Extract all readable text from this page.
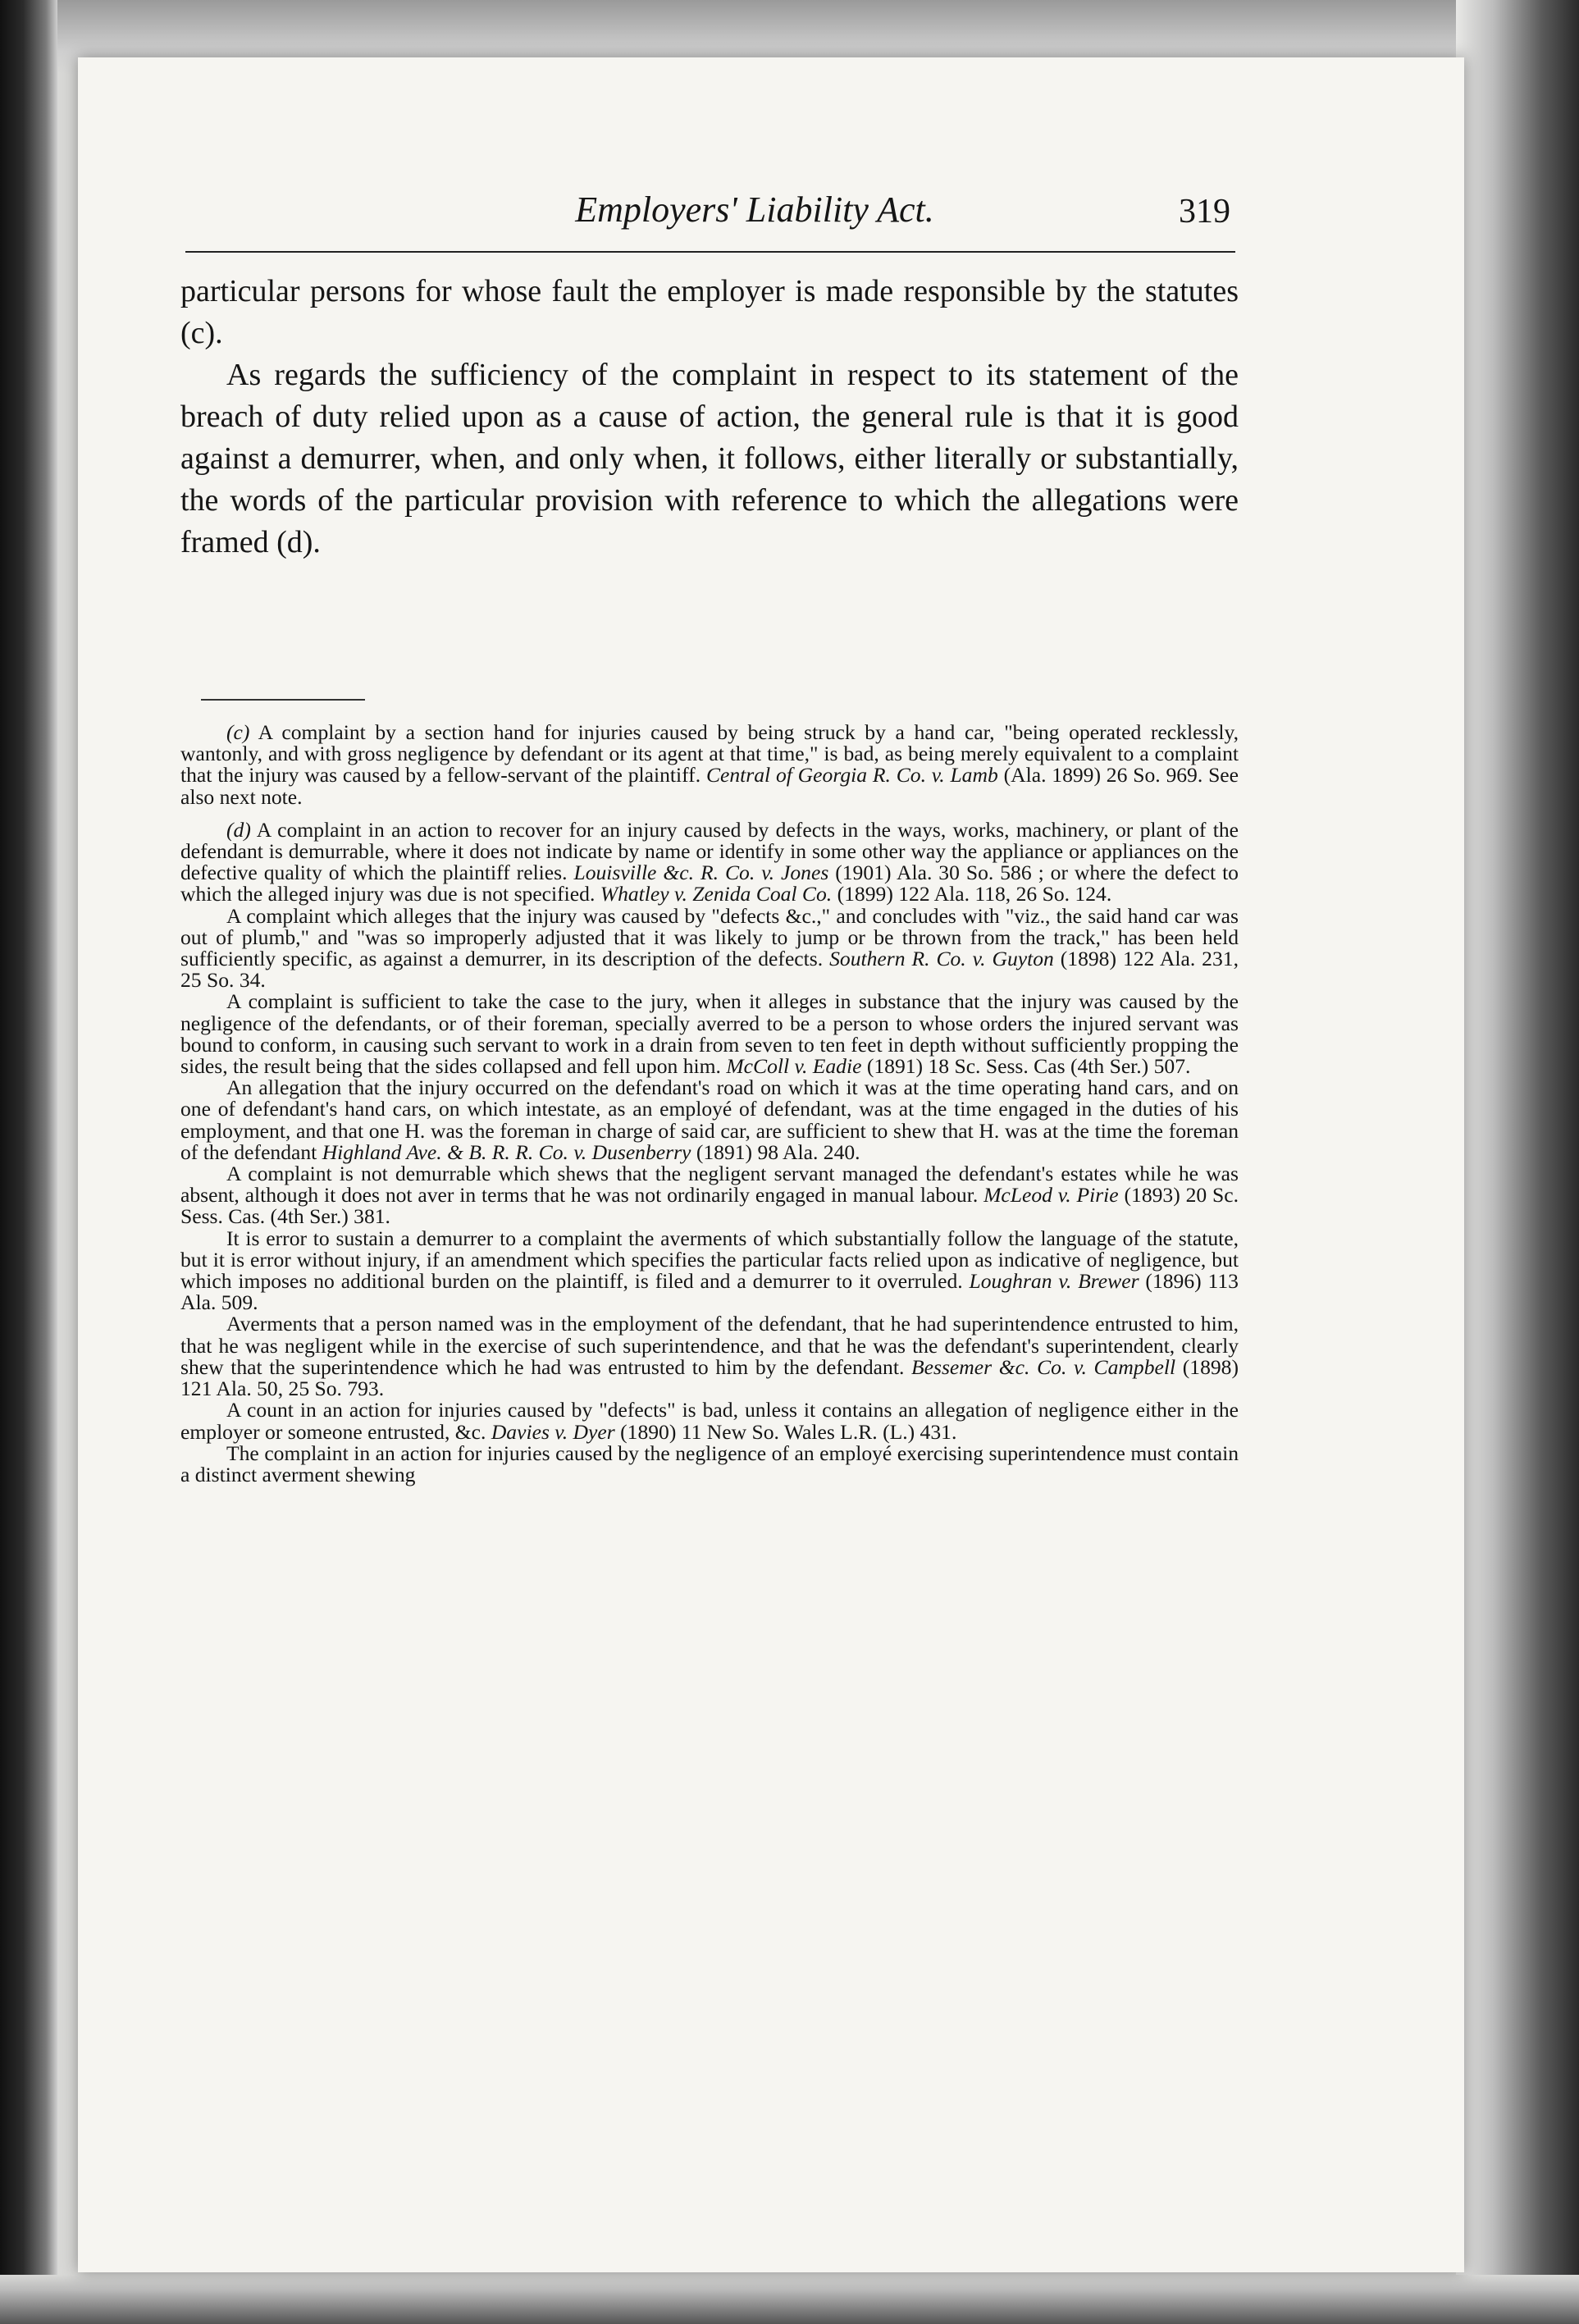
Employers' Liability Act.	319

particular persons for whose fault the employer is made responsible by the statutes (c).

As regards the sufficiency of the complaint in respect to its statement of the breach of duty relied upon as a cause of action, the general rule is that it is good against a demurrer, when, and only when, it follows, either literally or substantially, the words of the particular provision with reference to which the allegations were framed (d).

(c) A complaint by a section hand for injuries caused by being struck by a hand car, "being operated recklessly, wantonly, and with gross negligence by defendant or its agent at that time," is bad, as being merely equivalent to a complaint that the injury was caused by a fellow-servant of the plaintiff. Central of Georgia R. Co. v. Lamb (Ala. 1899) 26 So. 969. See also next note.

(d) A complaint in an action to recover for an injury caused by defects in the ways, works, machinery, or plant of the defendant is demurrable, where it does not indicate by name or identify in some other way the appliance or appliances on the defective quality of which the plaintiff relies. Louisville &c. R. Co. v. Jones (1901) Ala. 30 So. 586 ; or where the defect to which the alleged injury was due is not specified. Whatley v. Zenida Coal Co. (1899) 122 Ala. 118, 26 So. 124.

A complaint which alleges that the injury was caused by "defects &c.," and concludes with "viz., the said hand car was out of plumb," and "was so improperly adjusted that it was likely to jump or be thrown from the track," has been held sufficiently specific, as against a demurrer, in its description of the defects. Southern R. Co. v. Guyton (1898) 122 Ala. 231, 25 So. 34.

A complaint is sufficient to take the case to the jury, when it alleges in substance that the injury was caused by the negligence of the defendants, or of their foreman, specially averred to be a person to whose orders the injured servant was bound to conform, in causing such servant to work in a drain from seven to ten feet in depth without sufficiently propping the sides, the result being that the sides collapsed and fell upon him. McColl v. Eadie (1891) 18 Sc. Sess. Cas (4th Ser.) 507.

An allegation that the injury occurred on the defendant's road on which it was at the time operating hand cars, and on one of defendant's hand cars, on which intestate, as an employé of defendant, was at the time engaged in the duties of his employment, and that one H. was the foreman in charge of said car, are sufficient to shew that H. was at the time the foreman of the defendant Highland Ave. & B. R. R. Co. v. Dusenberry (1891) 98 Ala. 240.

A complaint is not demurrable which shews that the negligent servant managed the defendant's estates while he was absent, although it does not aver in terms that he was not ordinarily engaged in manual labour. McLeod v. Pirie (1893) 20 Sc. Sess. Cas. (4th Ser.) 381.

It is error to sustain a demurrer to a complaint the averments of which substantially follow the language of the statute, but it is error without injury, if an amendment which specifies the particular facts relied upon as indicative of negligence, but which imposes no additional burden on the plaintiff, is filed and a demurrer to it overruled. Loughran v. Brewer (1896) 113 Ala. 509.

Averments that a person named was in the employment of the defendant, that he had superintendence entrusted to him, that he was negligent while in the exercise of such superintendence, and that he was the defendant's superintendent, clearly shew that the superintendence which he had was entrusted to him by the defendant. Bessemer &c. Co. v. Campbell (1898) 121 Ala. 50, 25 So. 793.

A count in an action for injuries caused by "defects" is bad, unless it contains an allegation of negligence either in the employer or someone entrusted, &c. Davies v. Dyer (1890) 11 New So. Wales L.R. (L.) 431.

The complaint in an action for injuries caused by the negligence of an employé exercising superintendence must contain a distinct averment shewing
